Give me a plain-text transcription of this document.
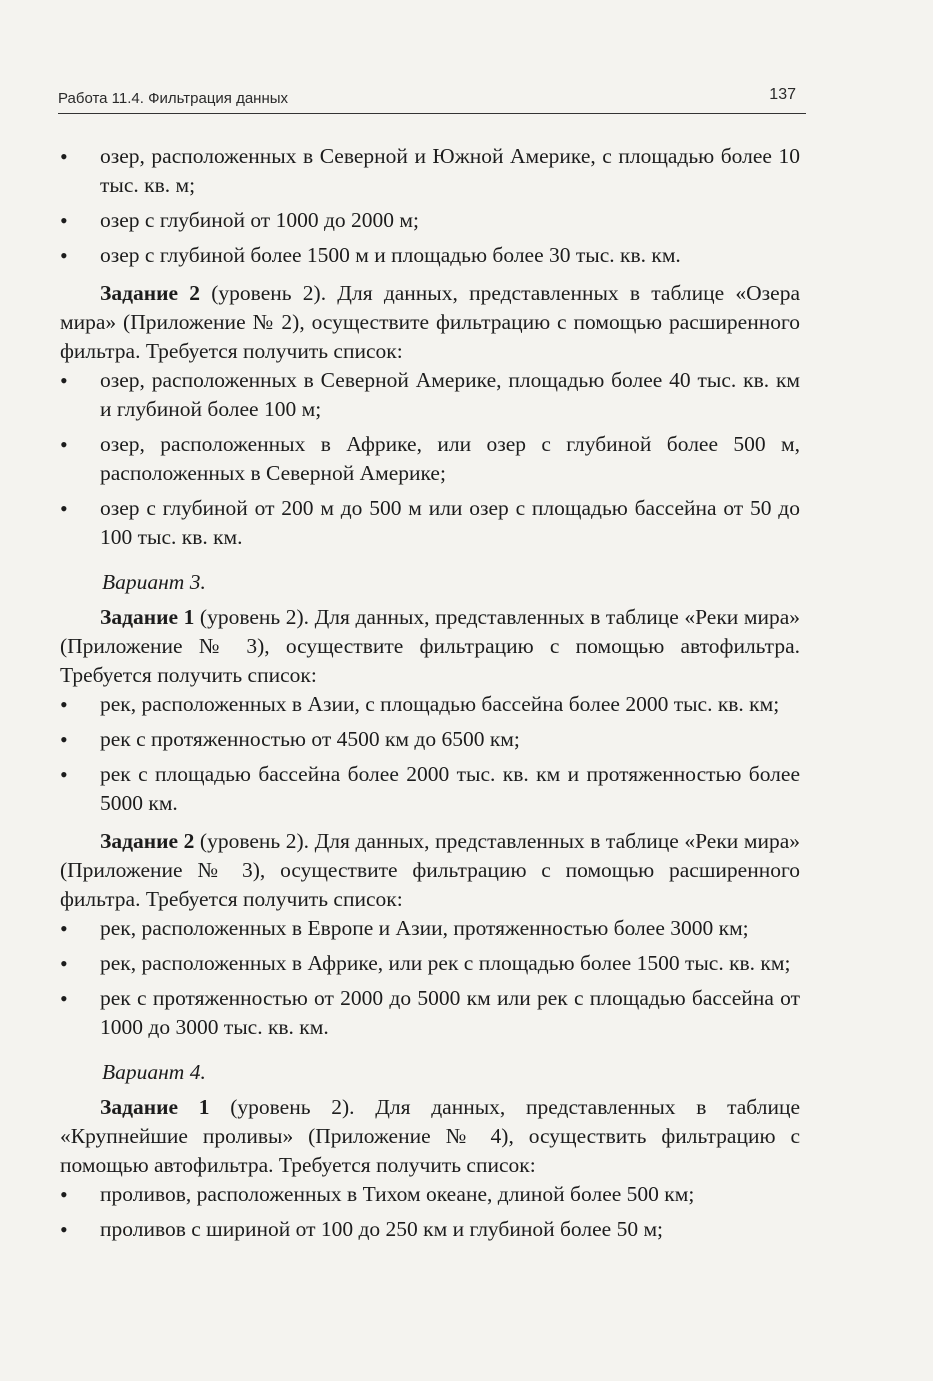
Работа 11.4. Фильтрация данных	137
• озер, расположенных в Северной и Южной Америке, с площадью более 10 тыс. кв. м;
• озер с глубиной от 1000 до 2000 м;
• озер с глубиной более 1500 м и площадью более 30 тыс. кв. км.

Задание 2 (уровень 2). Для данных, представленных в таблице «Озера мира» (Приложение № 2), осуществите фильтрацию с помощью расширенного фильтра. Требуется получить список:

• озер, расположенных в Северной Америке, площадью более 40 тыс. кв. км и глубиной более 100 м;
• озер, расположенных в Африке, или озер с глубиной более 500 м, расположенных в Северной Америке;
• озер с глубиной от 200 м до 500 м или озер с площадью бассейна от 50 до 100 тыс. кв. км.
Вариант 3.

Задание 1 (уровень 2). Для данных, представленных в таблице «Реки мира» (Приложение № 3), осуществите фильтрацию с помощью автофильтра. Требуется получить список:

• рек, расположенных в Азии, с площадью бассейна более 2000 тыс. кв. км;
• рек с протяженностью от 4500 км до 6500 км;
• рек с площадью бассейна более 2000 тыс. кв. км и протяженностью более 5000 км.

Задание 2 (уровень 2). Для данных, представленных в таблице «Реки мира» (Приложение № 3), осуществите фильтрацию с помощью расширенного фильтра. Требуется получить список:

• рек, расположенных в Европе и Азии, протяженностью более 3000 км;
• рек, расположенных в Африке, или рек с площадью более 1500 тыс. кв. км;
• рек с протяженностью от 2000 до 5000 км или рек с площадью бассейна от 1000 до 3000 тыс. кв. км.
Вариант 4.

Задание 1 (уровень 2). Для данных, представленных в таблице «Крупнейшие проливы» (Приложение № 4), осуществить фильтрацию с помощью автофильтра. Требуется получить список:

• проливов, расположенных в Тихом океане, длиной более 500 км;
• проливов с шириной от 100 до 250 км и глубиной более 50 м;
